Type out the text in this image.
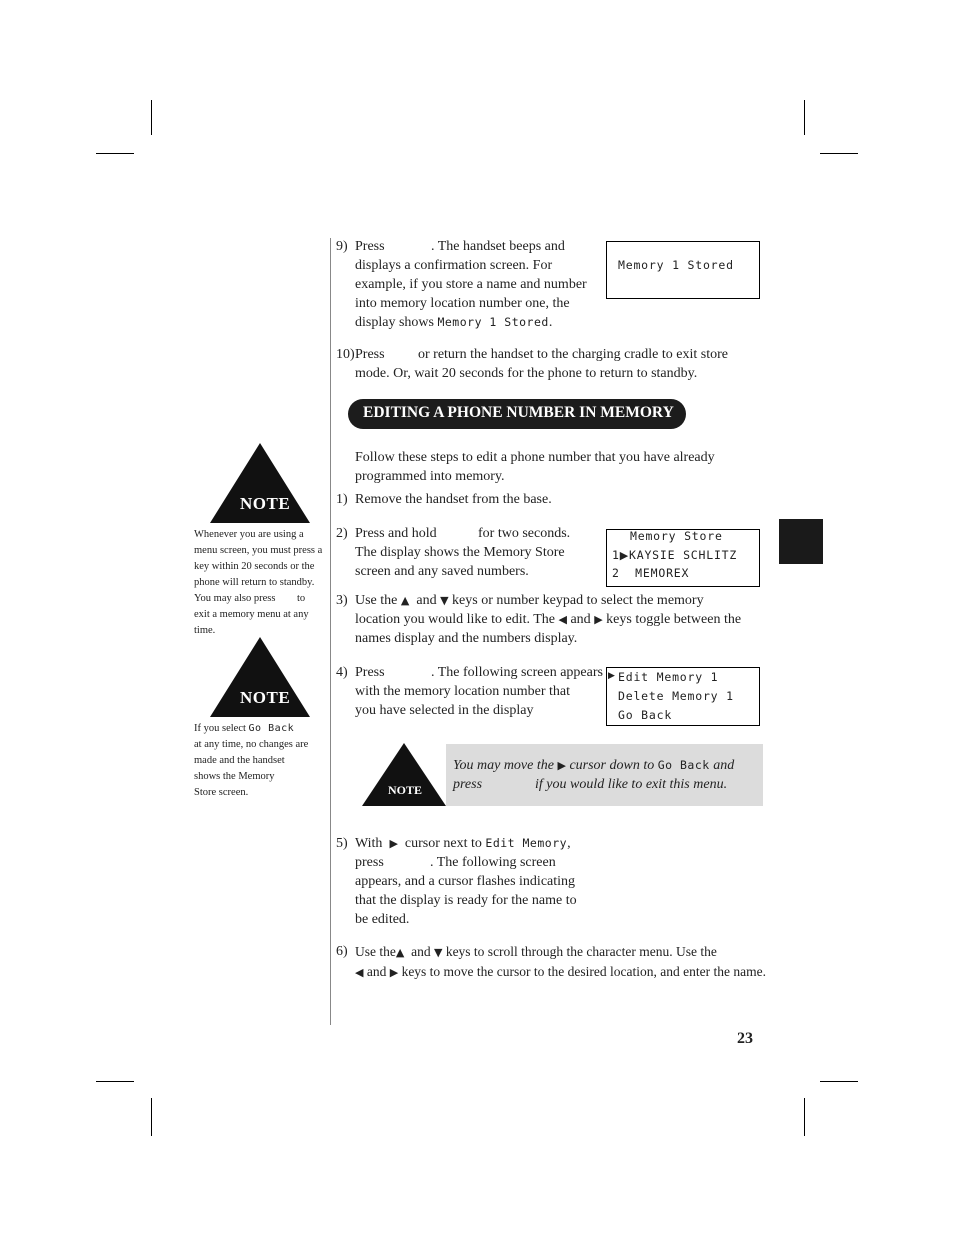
9) Press	. The handset beeps and
displays a confirmation screen. For
example, if you store a name and number
into memory location number one, the
display shows Memory 1 Stored.
Memory 1 Stored
10) Press or return the handset to the charging cradle to exit store
mode. Or, wait 20 seconds for the phone to return to standby.
EDITING A PHONE NUMBER IN MEMORY
Follow these steps to edit a phone number that you have already
programmed into memory.
1) Remove the handset from the base.
2) Press and hold	for two seconds.
The display shows the Memory Store
screen and any saved numbers.
Memory Store
1▶KAYSIE SCHLITZ
2  MEMOREX
3) Use the ▲ and ▼ keys or number keypad to select the memory
location you would like to edit. The ◀ and ▶ keys toggle between the
names display and the numbers display.
4) Press	. The following screen appears
with the memory location number that
you have selected in the display
▶ Edit Memory 1
Delete Memory 1
Go Back
NOTE
You may move the ▶ cursor down to Go Back and
press	if you would like to exit this menu.
5) With ▶ cursor next to Edit Memory,
press	. The following screen
appears, and a cursor flashes indicating
that the display is ready for the name to
be edited.
6) Use the▲ and ▼ keys to scroll through the character menu. Use the
◀ and ▶ keys to move the cursor to the desired location, and enter the name.
NOTE
Whenever you are using a
menu screen, you must press a
key within 20 seconds or the
phone will return to standby.
You may also press to
exit a memory menu at any
time.
NOTE
If you select Go Back
at any time, no changes are
made and the handset
shows the Memory
Store screen.
23
